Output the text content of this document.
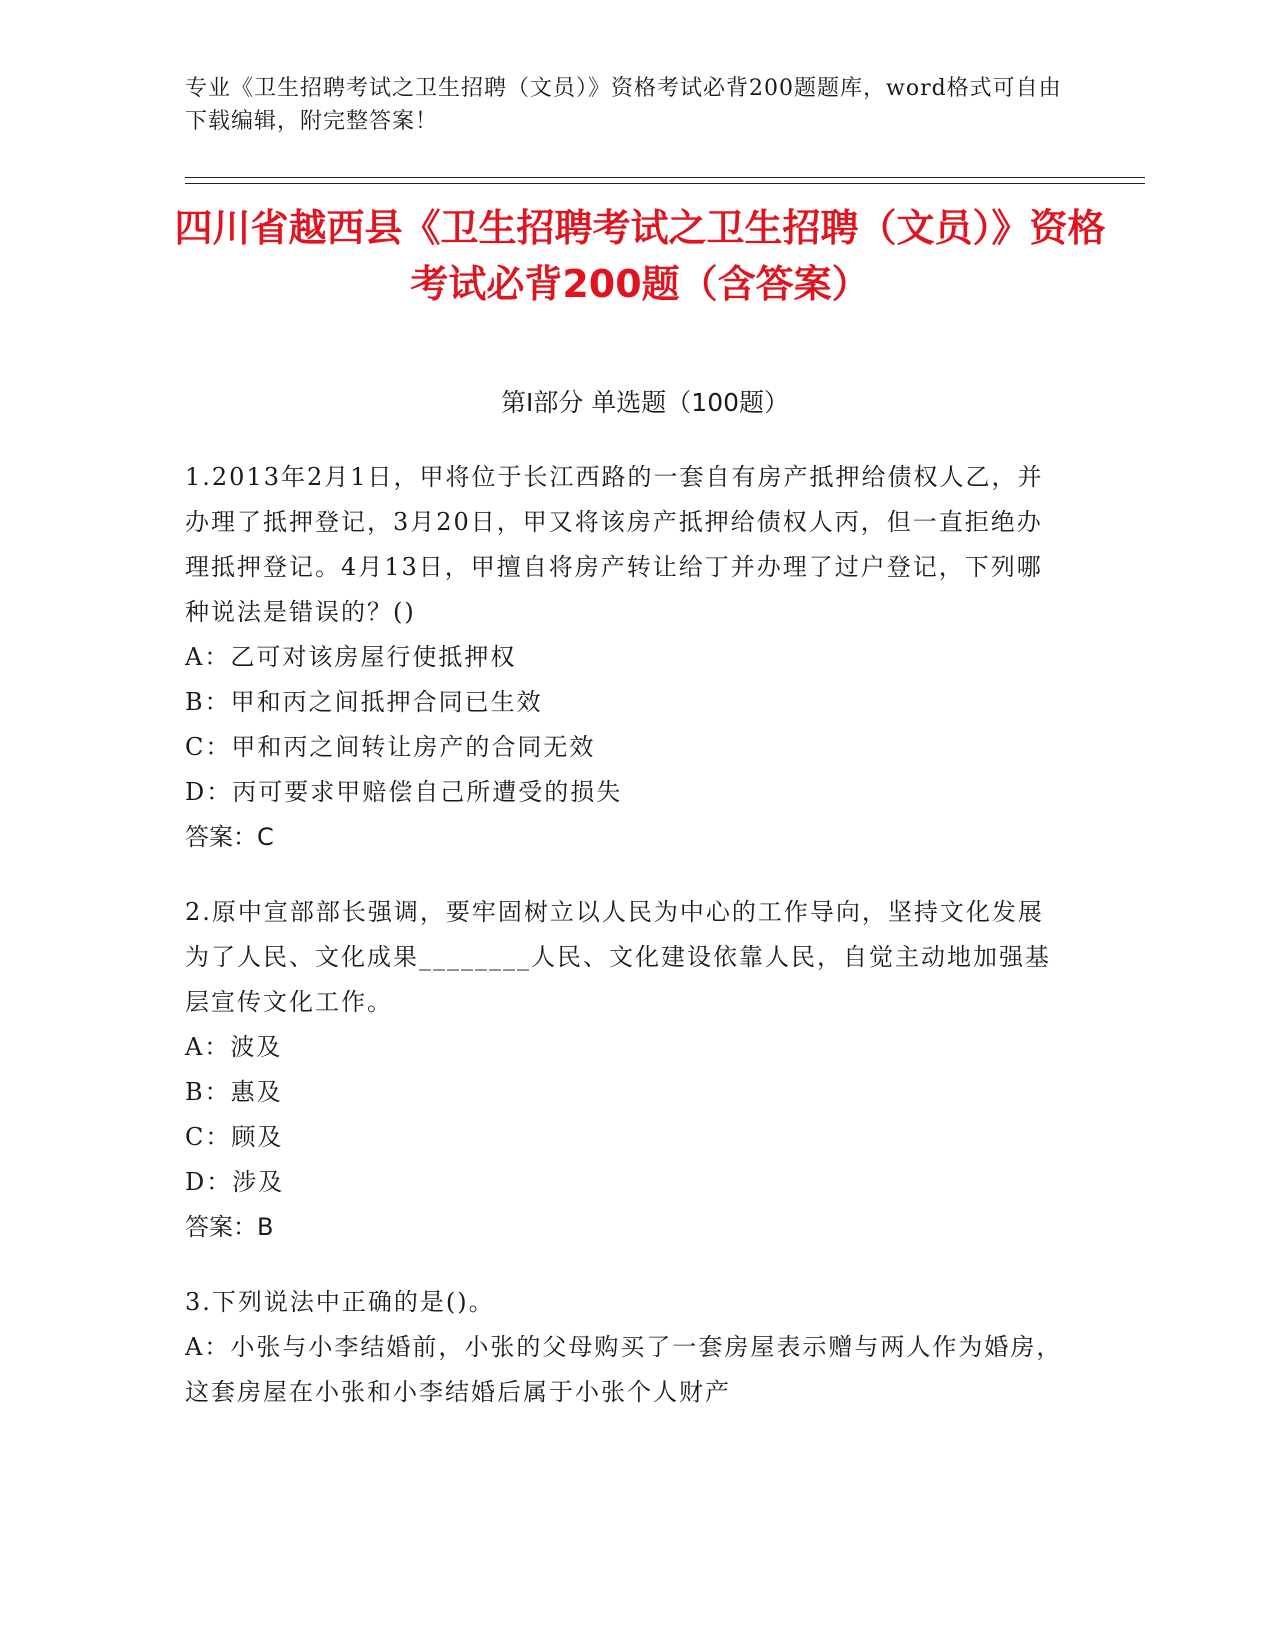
专业《卫生招聘考试之卫生招聘（文员）》资格考试必背200题题库，word格式可自由下载编辑，附完整答案！
四川省越西县《卫生招聘考试之卫生招聘（文员）》资格考试必背200题（含答案）
第Ⅰ部分 单选题（100题）
1.2013年2月1日，甲将位于长江西路的一套自有房产抵押给债权人乙，并办理了抵押登记，3月20日，甲又将该房产抵押给债权人丙，但一直拒绝办理抵押登记。4月13日，甲擅自将房产转让给丁并办理了过户登记，下列哪种说法是错误的？()
A：乙可对该房屋行使抵押权
B：甲和丙之间抵押合同已生效
C：甲和丙之间转让房产的合同无效
D：丙可要求甲赔偿自己所遭受的损失
答案：C
2.原中宣部部长强调，要牢固树立以人民为中心的工作导向，坚持文化发展为了人民、文化成果________人民、文化建设依靠人民，自觉主动地加强基层宣传文化工作。
A：波及
B：惠及
C：顾及
D：涉及
答案：B
3.下列说法中正确的是()。
A：小张与小李结婚前，小张的父母购买了一套房屋表示赠与两人作为婚房，这套房屋在小张和小李结婚后属于小张个人财产
